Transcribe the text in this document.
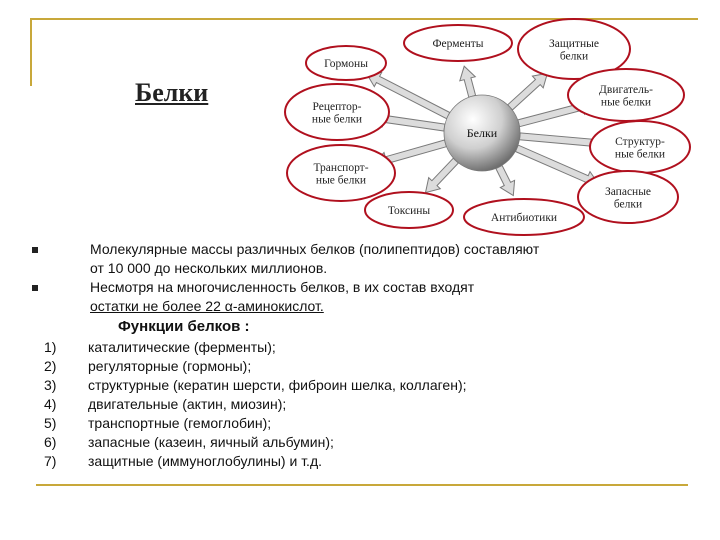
Белки
Белки
Ферменты	Защитные
белки
Двигатель-
ные белки
Структур-
ные белки
Запасные
белки
Антибиотики
Токсины
Транспорт-
ные белки
Рецептор-
ные белки
Гормоны
Молекулярные массы различных белков (полипептидов) составляют
от 10 000 до нескольких миллионов.
Несмотря на многочисленность белков, в их состав входят
остатки не более 22 α-аминокислот.
Функции белков :
1) каталитические (ферменты);
2) регуляторные (гормоны);
3) структурные (кератин шерсти, фиброин шелка, коллаген);
4) двигательные (актин, миозин);
5) транспортные (гемоглобин);
6) запасные (казеин, яичный альбумин);
7) защитные (иммуноглобулины) и т.д.
